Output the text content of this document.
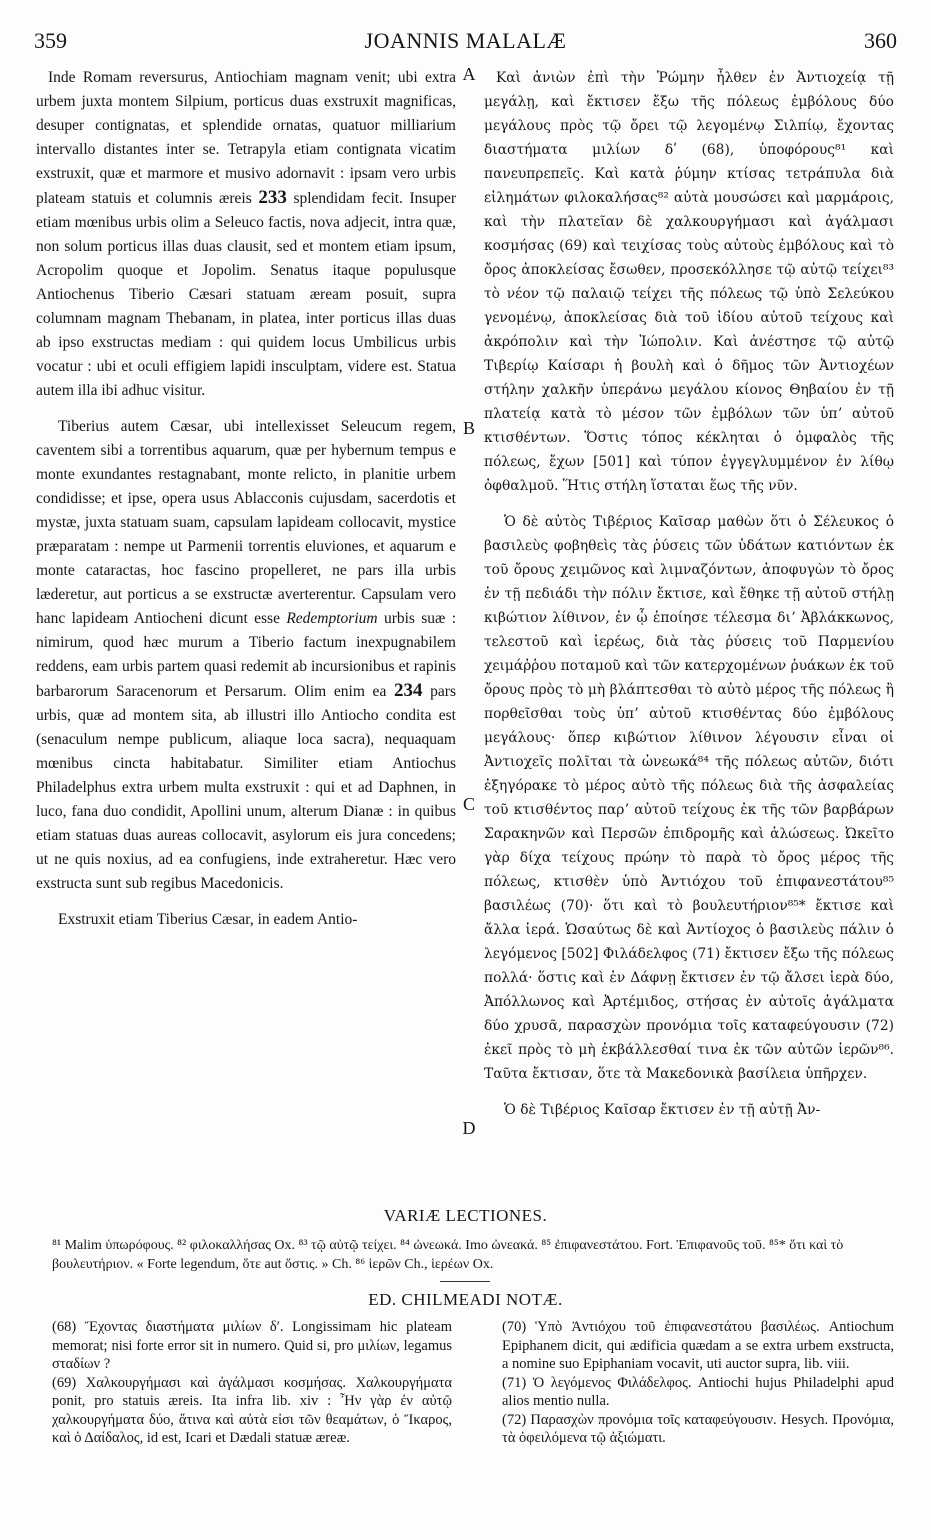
359	JOANNIS MALALÆ	360

Inde Romam reversurus, Antiochiam magnam venit; ubi extra urbem juxta montem Silpium, porticus duas exstruxit magnificas, desuper contignatas, et splendide ornatas, quatuor milliarium intervallo distantes inter se. Tetrapyla etiam contignata vicatim exstruxit, quæ et marmore et musivo adornavit : ipsam vero urbis plateam statuis et columnis æreis 233 splendidam fecit. Insuper etiam mœnibus urbis olim a Seleuco factis, nova adjecit, intra quæ, non solum porticus illas duas clausit, sed et montem etiam ipsum, Acropolim quoque et Jopolim. Senatus itaque populusque Antiochenus Tiberio Cæsari statuam æream posuit, supra columnam magnam Thebanam, in platea, inter porticus illas duas ab ipso exstructas mediam : qui quidem locus Umbilicus urbis vocatur : ubi et oculi effigiem lapidi insculptam, videre est. Statua autem illa ibi adhuc visitur.

Tiberius autem Cæsar, ubi intellexisset Seleucum regem, caventem sibi a torrentibus aquarum, quæ per hybernum tempus e monte exundantes restagnabant, monte relicto, in planitie urbem condidisse; et ipse, opera usus Ablacconis cujusdam, sacerdotis et mystæ, juxta statuam suam, capsulam lapideam collocavit, mystice præparatam : nempe ut Parmenii torrentis eluviones, et aquarum e monte cataractas, hoc fascino propelleret, ne pars illa urbis læderetur, aut porticus a se exstructæ averterentur. Capsulam vero hanc lapideam Antiocheni dicunt esse Redemptorium urbis suæ : nimirum, quod hæc murum a Tiberio factum inexpugnabilem reddens, eam urbis partem quasi redemit ab incursionibus et rapinis barbarorum Saracenorum et Persarum. Olim enim ea 234 pars urbis, quæ ad montem sita, ab illustri illo Antiocho condita est (senaculum nempe publicum, aliaque loca sacra), nequaquam mœnibus cincta habitabatur. Similiter etiam Antiochus Philadelphus extra urbem multa exstruxit : qui et ad Daphnen, in luco, fana duo condidit, Apollini unum, alterum Dianæ : in quibus etiam statuas duas aureas collocavit, asylorum eis jura concedens; ut ne quis noxius, ad ea confugiens, inde extraheretur. Hæc vero exstructa sunt sub regibus Macedonicis.

Exstruxit etiam Tiberius Cæsar, in eadem Antio-

A
B
C
D

Καὶ ἀνιὼν ἐπὶ τὴν Ῥώμην ἦλθεν ἐν Ἀντιοχείᾳ τῇ μεγάλῃ, καὶ ἔκτισεν ἔξω τῆς πόλεως ἐμβόλους δύο μεγάλους πρὸς τῷ ὄρει τῷ λεγομένῳ Σιλπίῳ, ἔχοντας διαστήματα μιλίων δʹ (68), ὑποφόρους⁸¹ καὶ πανευπρεπεῖς. Καὶ κατὰ ῥύμην κτίσας τετράπυλα διὰ εἰλημάτων φιλοκαλήσας⁸² αὐτὰ μουσώσει καὶ μαρμάροις, καὶ τὴν πλατεῖαν δὲ χαλκουργήμασι καὶ ἀγάλμασι κοσμήσας (69) καὶ τειχίσας τοὺς αὐτοὺς ἐμβόλους καὶ τὸ ὄρος ἀποκλείσας ἔσωθεν, προσεκόλλησε τῷ αὐτῷ τείχει⁸³ τὸ νέον τῷ παλαιῷ τείχει τῆς πόλεως τῷ ὑπὸ Σελεύκου γενομένῳ, ἀποκλείσας διὰ τοῦ ἰδίου αὐτοῦ τείχους καὶ ἀκρόπολιν καὶ τὴν Ἰώπολιν. Καὶ ἀνέστησε τῷ αὐτῷ Τιβερίῳ Καίσαρι ἡ βουλὴ καὶ ὁ δῆμος τῶν Ἀντιοχέων στήλην χαλκῆν ὑπεράνω μεγάλου κίονος Θηβαίου ἐν τῇ πλατείᾳ κατὰ τὸ μέσον τῶν ἐμβόλων τῶν ὑπʼ αὐτοῦ κτισθέντων. Ὅστις τόπος κέκληται ὁ ὀμφαλὸς τῆς πόλεως, ἔχων [501] καὶ τύπον ἐγγεγλυμμένον ἐν λίθῳ ὀφθαλμοῦ. Ἥτις στήλη ἵσταται ἕως τῆς νῦν.

Ὁ δὲ αὐτὸς Τιβέριος Καῖσαρ μαθὼν ὅτι ὁ Σέλευκος ὁ βασιλεὺς φοβηθεὶς τὰς ῥύσεις τῶν ὑδάτων κατιόντων ἐκ τοῦ ὄρους χειμῶνος καὶ λιμναζόντων, ἀποφυγὼν τὸ ὄρος ἐν τῇ πεδιάδι τὴν πόλιν ἔκτισε, καὶ ἔθηκε τῇ αὐτοῦ στήλῃ κιβώτιον λίθινον, ἐν ᾧ ἐποίησε τέλεσμα διʼ Ἀβλάκκωνος, τελεστοῦ καὶ ἱερέως, διὰ τὰς ῥύσεις τοῦ Παρμενίου χειμάῤῥου ποταμοῦ καὶ τῶν κατερχομένων ῥυάκων ἐκ τοῦ ὄρους πρὸς τὸ μὴ βλάπτεσθαι τὸ αὐτὸ μέρος τῆς πόλεως ἢ πορθεῖσθαι τοὺς ὑπʼ αὐτοῦ κτισθέντας δύο ἐμβόλους μεγάλους· ὅπερ κιβώτιον λίθινον λέγουσιν εἶναι οἱ Ἀντιοχεῖς πολῖται τὰ ὠνεωκά⁸⁴ τῆς πόλεως αὐτῶν, διότι ἐξηγόρακε τὸ μέρος αὐτὸ τῆς πόλεως διὰ τῆς ἀσφαλείας τοῦ κτισθέντος παρʼ αὐτοῦ τείχους ἐκ τῆς τῶν βαρβάρων Σαρακηνῶν καὶ Περσῶν ἐπιδρομῆς καὶ ἁλώσεως. Ὠκεῖτο γὰρ δίχα τείχους πρώην τὸ παρὰ τὸ ὄρος μέρος τῆς πόλεως, κτισθὲν ὑπὸ Ἀντιόχου τοῦ ἐπιφανεστάτου⁸⁵ βασιλέως (70)· ὅτι καὶ τὸ βουλευτήριον⁸⁵* ἔκτισε καὶ ἄλλα ἱερά. Ὡσαύτως δὲ καὶ Ἀντίοχος ὁ βασιλεὺς πάλιν ὁ λεγόμενος [502] Φιλάδελφος (71) ἔκτισεν ἔξω τῆς πόλεως πολλά· ὅστις καὶ ἐν Δάφνῃ ἔκτισεν ἐν τῷ ἄλσει ἱερὰ δύο, Ἀπόλλωνος καὶ Ἀρτέμιδος, στήσας ἐν αὐτοῖς ἀγάλματα δύο χρυσᾶ, παρασχὼν προνόμια τοῖς καταφεύγουσιν (72) ἐκεῖ πρὸς τὸ μὴ ἐκβάλλεσθαί τινα ἐκ τῶν αὐτῶν ἱερῶν⁸⁶. Ταῦτα ἔκτισαν, ὅτε τὰ Μακεδονικὰ βασίλεια ὑπῆρχεν.

Ὁ δὲ Τιβέριος Καῖσαρ ἔκτισεν ἐν τῇ αὐτῇ Ἀν-

VARIÆ LECTIONES.

⁸¹ Malim ὑπωρόφους. ⁸² φιλοκαλλήσας Ox. ⁸³ τῷ αὐτῷ τείχει. ⁸⁴ ὠνεωκά. Imo ὠνεακά. ⁸⁵ ἐπιφανεστάτου. Fort. Ἐπιφανοῦς τοῦ. ⁸⁵* ὅτι καὶ τὸ βουλευτήριον. « Forte legendum, ὅτε aut ὅστις. » Ch. ⁸⁶ ἱερῶν Ch., ἱερέων Ox.

ED. CHILMEADI NOTÆ.

(68) Ἔχοντας διαστήματα μιλίων δʹ. Longissimam hic plateam memorat; nisi forte error sit in numero. Quid si, pro μιλίων, legamus σταδίων ?

(69) Χαλκουργήμασι καὶ ἀγάλμασι κοσμήσας. Χαλκουργήματα ponit, pro statuis æreis. Ita infra lib. xiv : Ἦν γὰρ ἐν αὐτῷ χαλκουργήματα δύο, ἅτινα καὶ αὐτὰ εἰσι τῶν θεαμάτων, ὁ Ἴκαρος, καὶ ὁ Δαίδαλος, id est, Icari et Dædali statuæ æreæ.

(70) Ὑπὸ Ἀντιόχου τοῦ ἐπιφανεστάτου βασιλέως. Antiochum Epiphanem dicit, qui ædificia quædam a se extra urbem exstructa, a nomine suo Epiphaniam vocavit, uti auctor supra, lib. viii.

(71) Ὁ λεγόμενος Φιλάδελφος. Antiochi hujus Philadelphi apud alios mentio nulla.

(72) Παρασχὼν προνόμια τοῖς καταφεύγουσιν. Hesych. Προνόμια, τὰ ὀφειλόμενα τῷ ἀξιώματι.
